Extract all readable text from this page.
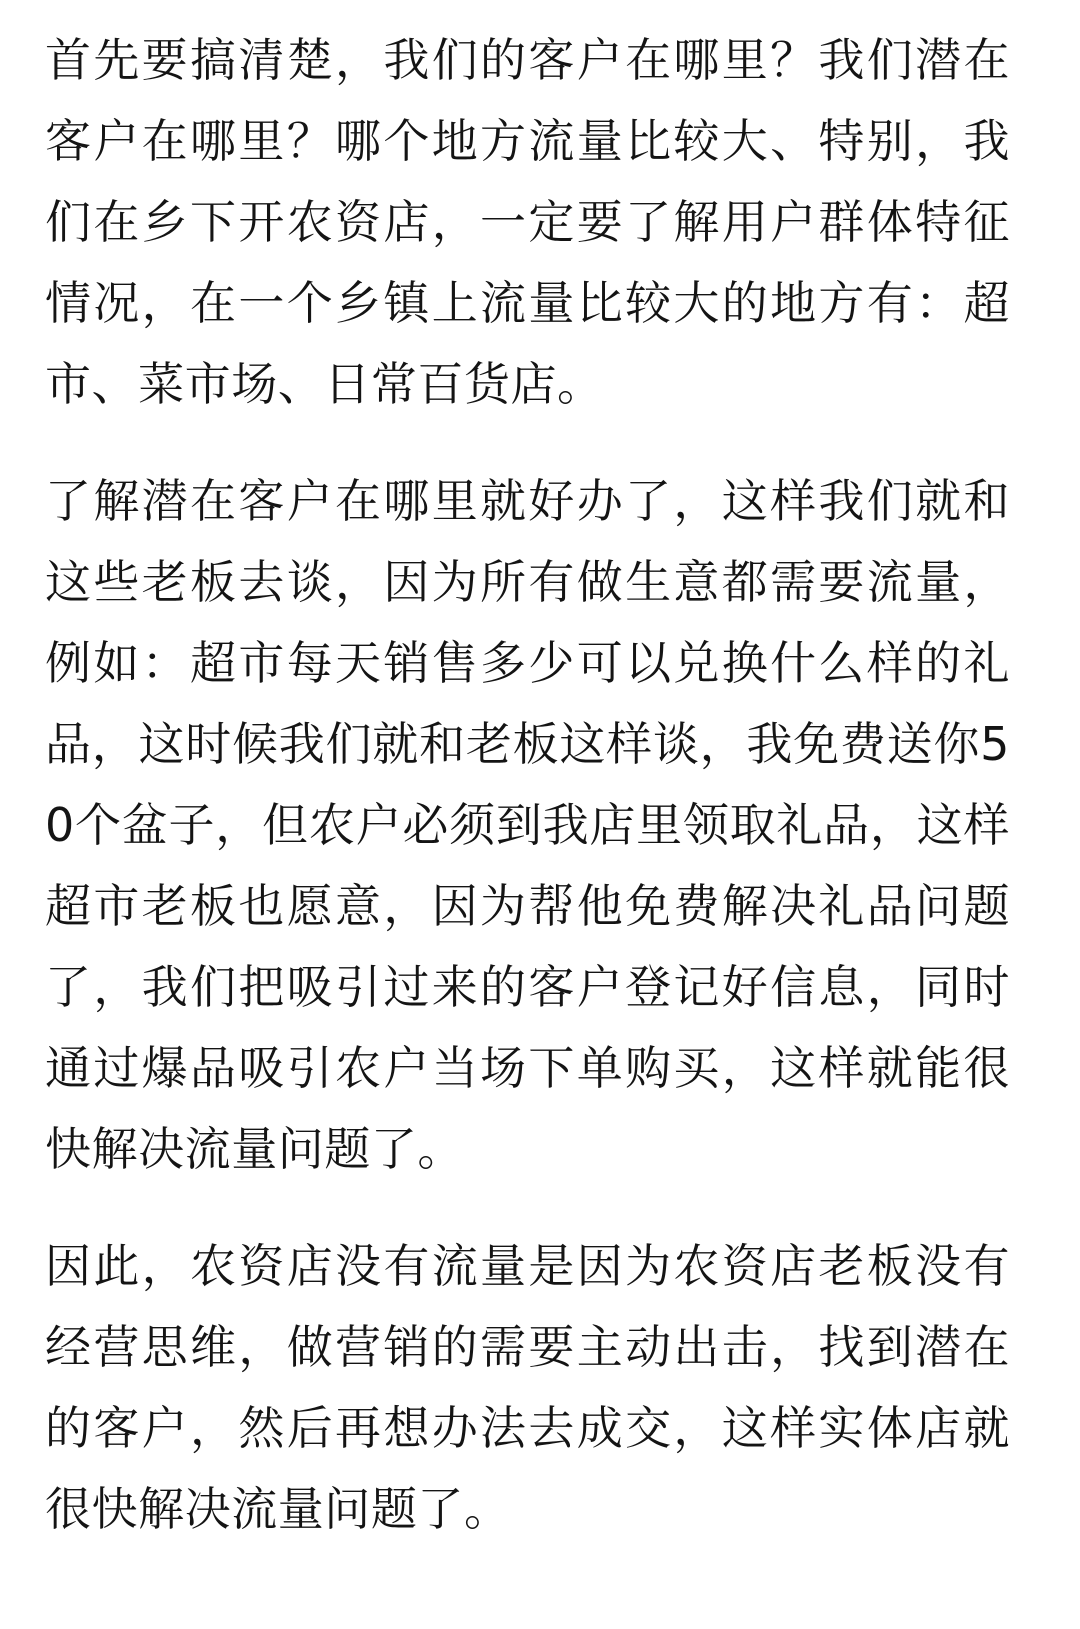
首先要搞清楚，我们的客户在哪里？我们潜在客户在哪里？哪个地方流量比较大、特别，我们在乡下开农资店，一定要了解用户群体特征情况，在一个乡镇上流量比较大的地方有：超市、菜市场、日常百货店。

了解潜在客户在哪里就好办了，这样我们就和这些老板去谈，因为所有做生意都需要流量，例如：超市每天销售多少可以兑换什么样的礼品，这时候我们就和老板这样谈，我免费送你50个盆子，但农户必须到我店里领取礼品，这样超市老板也愿意，因为帮他免费解决礼品问题了，我们把吸引过来的客户登记好信息，同时通过爆品吸引农户当场下单购买，这样就能很快解决流量问题了。

因此，农资店没有流量是因为农资店老板没有经营思维，做营销的需要主动出击，找到潜在的客户，然后再想办法去成交，这样实体店就很快解决流量问题了。
